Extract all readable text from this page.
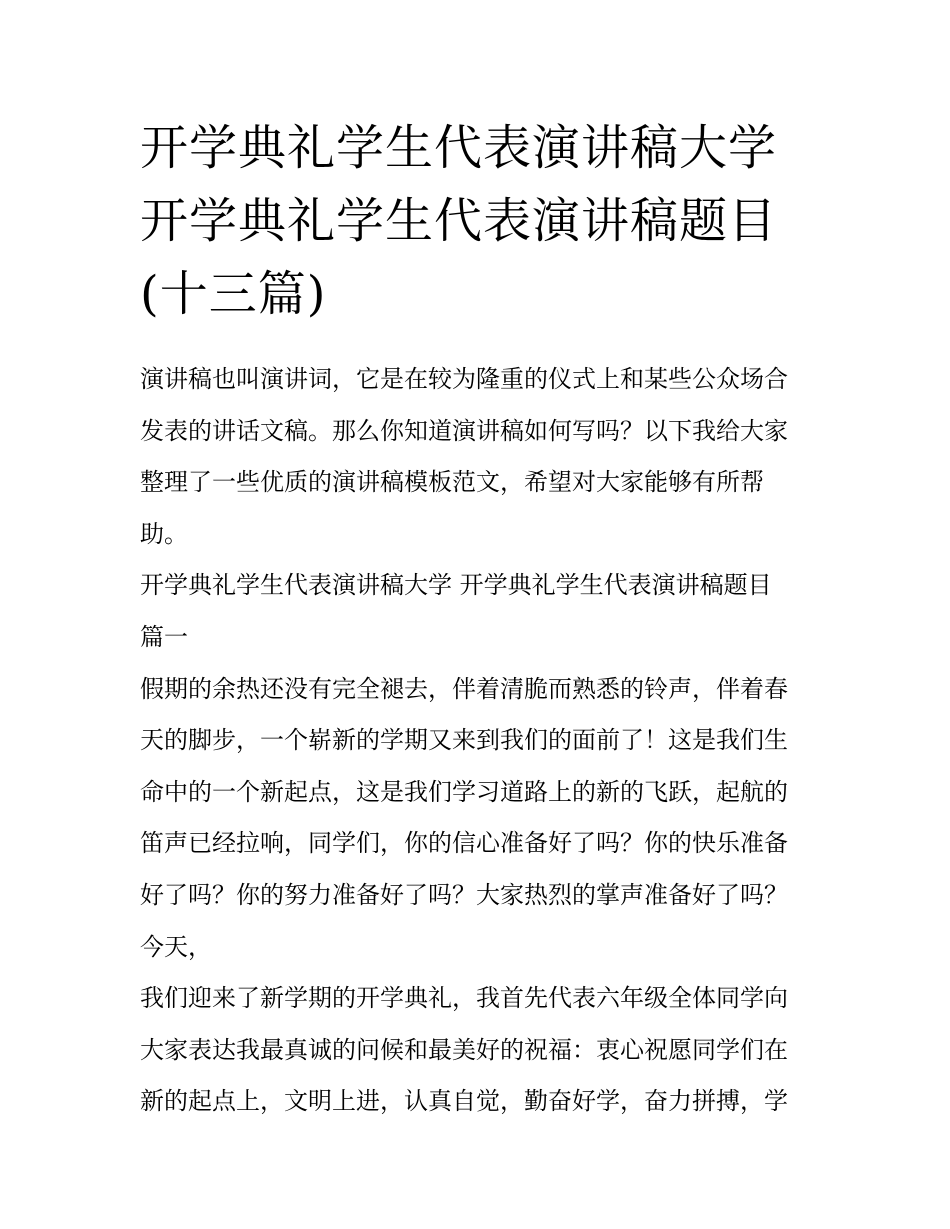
开学典礼学生代表演讲稿大学
开学典礼学生代表演讲稿题目
(十三篇)
演讲稿也叫演讲词，它是在较为隆重的仪式上和某些公众场合
发表的讲话文稿。那么你知道演讲稿如何写吗？以下我给大家
整理了一些优质的演讲稿模板范文，希望对大家能够有所帮
助。
开学典礼学生代表演讲稿大学 开学典礼学生代表演讲稿题目
篇一
假期的余热还没有完全褪去，伴着清脆而熟悉的铃声，伴着春
天的脚步，一个崭新的学期又来到我们的面前了！这是我们生
命中的一个新起点，这是我们学习道路上的新的飞跃，起航的
笛声已经拉响，同学们，你的信心准备好了吗？你的快乐准备
好了吗？你的努力准备好了吗？大家热烈的掌声准备好了吗？
今天，
我们迎来了新学期的开学典礼，我首先代表六年级全体同学向
大家表达我最真诚的问候和最美好的祝福：衷心祝愿同学们在
新的起点上，文明上进，认真自觉，勤奋好学，奋力拼搏，学
